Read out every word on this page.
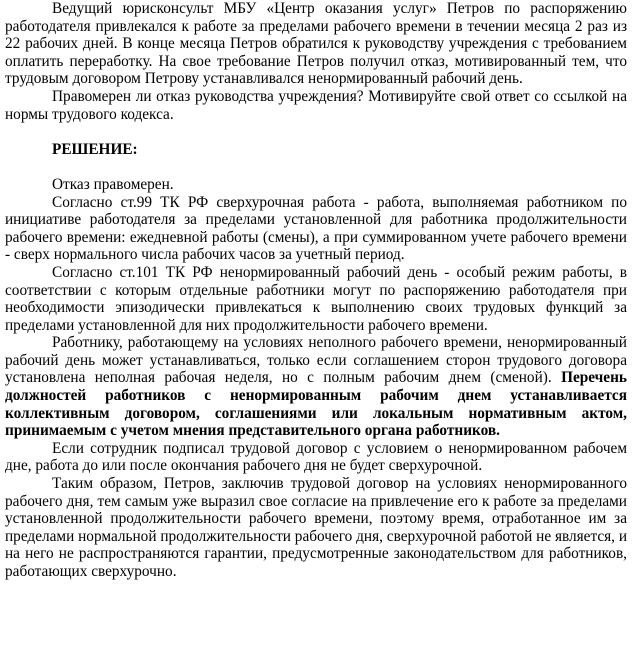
Ведущий юрисконсульт МБУ «Центр оказания услуг» Петров по распоряжению работодателя привлекался к работе за пределами рабочего времени в течении месяца 2 раз из 22 рабочих дней. В конце месяца Петров обратился к руководству учреждения с требованием оплатить переработку. На свое требование Петров получил отказ, мотивированный тем, что трудовым договором Петрову устанавливался ненормированный рабочий день.

Правомерен ли отказ руководства учреждения? Мотивируйте свой ответ со ссылкой на нормы трудового кодекса.

РЕШЕНИЕ:

Отказ правомерен.

Согласно ст.99 ТК РФ сверхурочная работа - работа, выполняемая работником по инициативе работодателя за пределами установленной для работника продолжительности рабочего времени: ежедневной работы (смены), а при суммированном учете рабочего времени - сверх нормального числа рабочих часов за учетный период.

Согласно ст.101 ТК РФ ненормированный рабочий день - особый режим работы, в соответствии с которым отдельные работники могут по распоряжению работодателя при необходимости эпизодически привлекаться к выполнению своих трудовых функций за пределами установленной для них продолжительности рабочего времени.

Работнику, работающему на условиях неполного рабочего времени, ненормированный рабочий день может устанавливаться, только если соглашением сторон трудового договора установлена неполная рабочая неделя, но с полным рабочим днем (сменой). Перечень должностей работников с ненормированным рабочим днем устанавливается коллективным договором, соглашениями или локальным нормативным актом, принимаемым с учетом мнения представительного органа работников.

Если сотрудник подписал трудовой договор с условием о ненормированном рабочем дне, работа до или после окончания рабочего дня не будет сверхурочной.

Таким образом, Петров, заключив трудовой договор на условиях ненормированного рабочего дня, тем самым уже выразил свое согласие на привлечение его к работе за пределами установленной продолжительности рабочего времени, поэтому время, отработанное им за пределами нормальной продолжительности рабочего дня, сверхурочной работой не является, и на него не распространяются гарантии, предусмотренные законодательством для работников, работающих сверхурочно.
